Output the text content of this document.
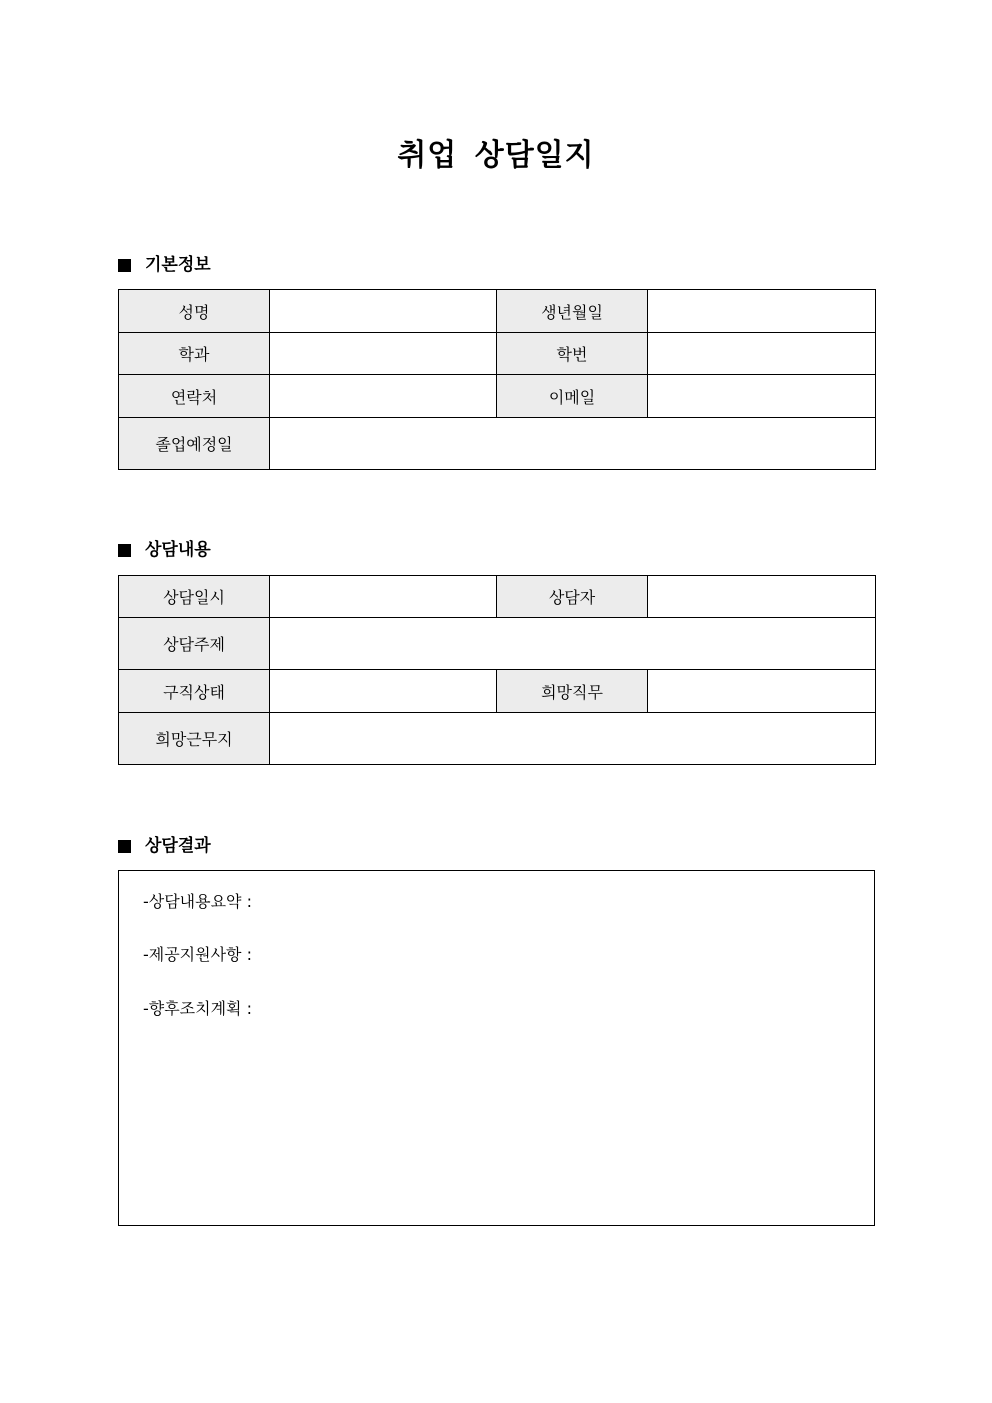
취업 상담일지
기본정보
성명		생년월일	
학과		학번	
연락처		이메일	
졸업예정일			
상담내용
상담일시		상담자	
상담주제			
구직상태		희망직무	
희망근무지			
상담결과
-상담내용요약 :
-제공지원사항 :
-향후조치계획 :
